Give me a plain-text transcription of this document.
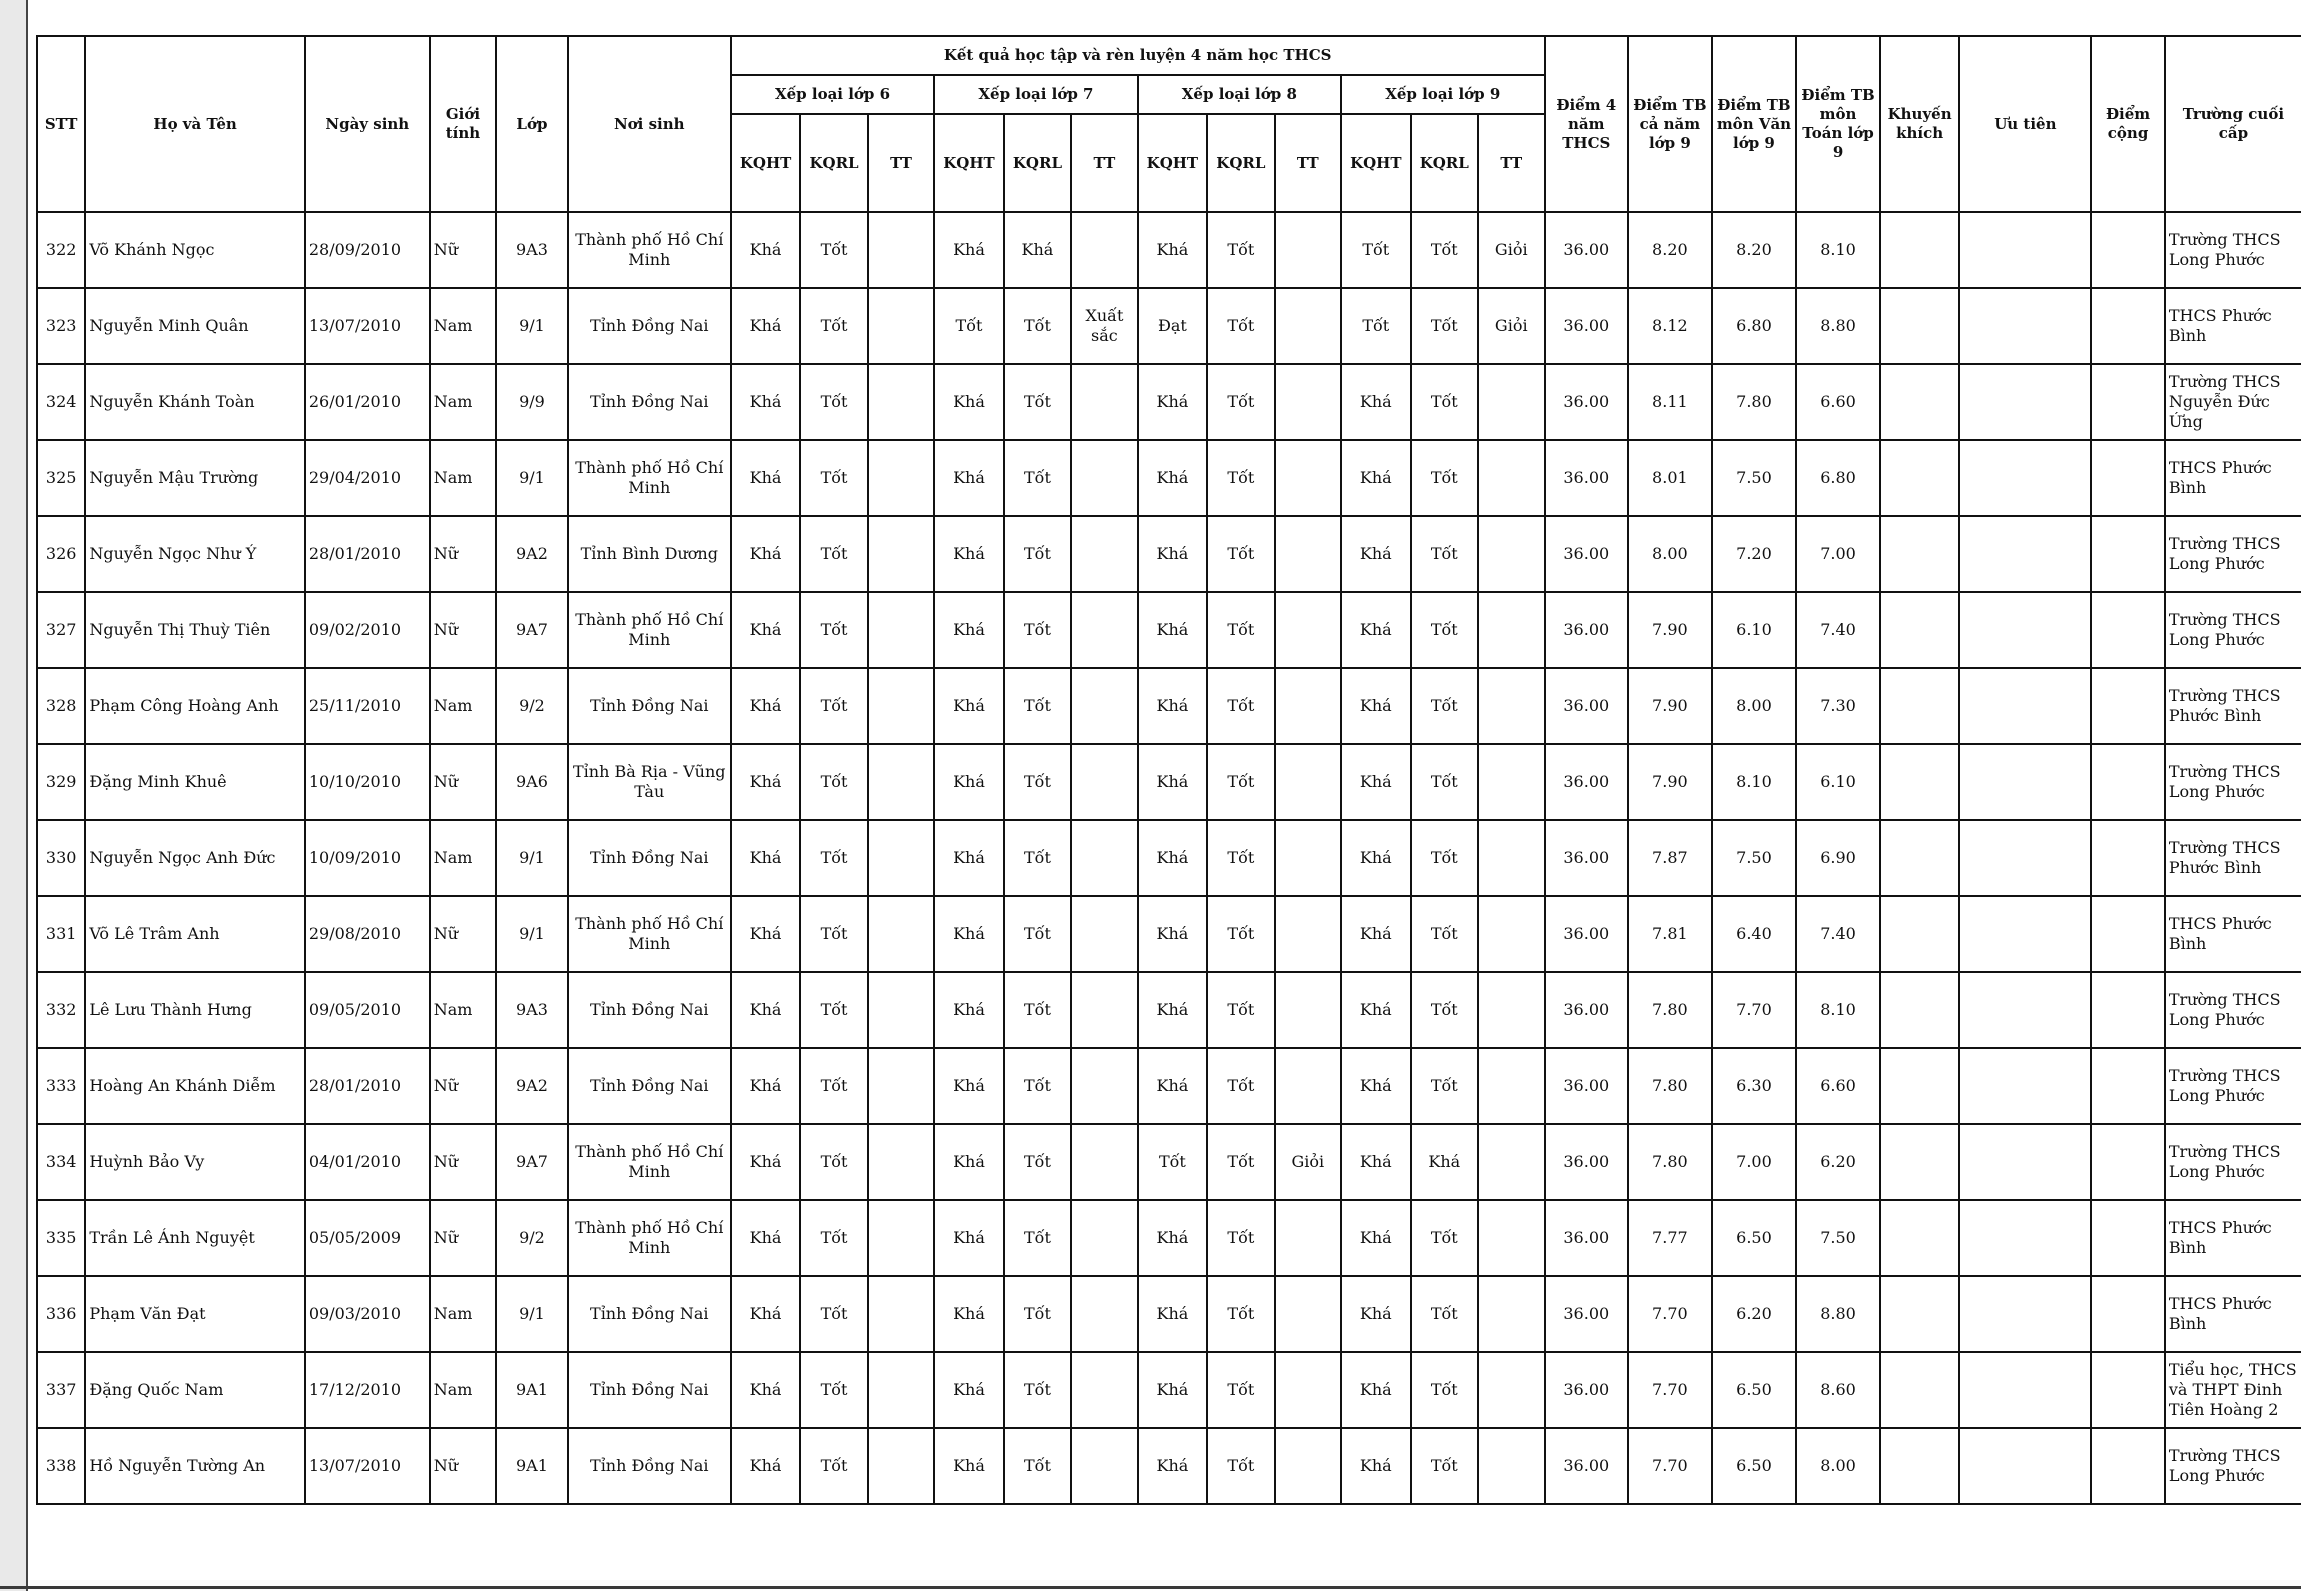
STT	Họ và Tên	Ngày sinh	Giới tính	Lớp	Nơi sinh	Kết quả học tập và rèn luyện 4 năm học THCS												Điểm 4 năm THCS	Điểm TB cả năm lớp 9	Điểm TB môn Văn lớp 9	Điểm TB môn Toán lớp 9	Khuyến khích	Ưu tiên	Điểm cộng	Trường cuối cấp
						Xếp loại lớp 6			Xếp loại lớp 7			Xếp loại lớp 8			Xếp loại lớp 9										
						KQHT	KQRL	TT	KQHT	KQRL	TT	KQHT	KQRL	TT	KQHT	KQRL	TT								
322	Võ Khánh Ngọc	28/09/2010	Nữ	9A3	Thành phố Hồ Chí Minh	Khá	Tốt		Khá	Khá		Khá	Tốt		Tốt	Tốt	Giỏi	36.00	8.20	8.20	8.10				Trường THCS Long Phước
323	Nguyễn Minh Quân	13/07/2010	Nam	9/1	Tỉnh Đồng Nai	Khá	Tốt		Tốt	Tốt	Xuất sắc	Đạt	Tốt		Tốt	Tốt	Giỏi	36.00	8.12	6.80	8.80				THCS Phước Bình
324	Nguyễn Khánh Toàn	26/01/2010	Nam	9/9	Tỉnh Đồng Nai	Khá	Tốt		Khá	Tốt		Khá	Tốt		Khá	Tốt		36.00	8.11	7.80	6.60				Trường THCS Nguyễn Đức Ứng
325	Nguyễn Mậu Trường	29/04/2010	Nam	9/1	Thành phố Hồ Chí Minh	Khá	Tốt		Khá	Tốt		Khá	Tốt		Khá	Tốt		36.00	8.01	7.50	6.80				THCS Phước Bình
326	Nguyễn Ngọc Như Ý	28/01/2010	Nữ	9A2	Tỉnh Bình Dương	Khá	Tốt		Khá	Tốt		Khá	Tốt		Khá	Tốt		36.00	8.00	7.20	7.00				Trường THCS Long Phước
327	Nguyễn Thị Thuỳ Tiên	09/02/2010	Nữ	9A7	Thành phố Hồ Chí Minh	Khá	Tốt		Khá	Tốt		Khá	Tốt		Khá	Tốt		36.00	7.90	6.10	7.40				Trường THCS Long Phước
328	Phạm Công Hoàng Anh	25/11/2010	Nam	9/2	Tỉnh Đồng Nai	Khá	Tốt		Khá	Tốt		Khá	Tốt		Khá	Tốt		36.00	7.90	8.00	7.30				Trường THCS Phước Bình
329	Đặng Minh Khuê	10/10/2010	Nữ	9A6	Tỉnh Bà Rịa - Vũng Tàu	Khá	Tốt		Khá	Tốt		Khá	Tốt		Khá	Tốt		36.00	7.90	8.10	6.10				Trường THCS Long Phước
330	Nguyễn Ngọc Anh Đức	10/09/2010	Nam	9/1	Tỉnh Đồng Nai	Khá	Tốt		Khá	Tốt		Khá	Tốt		Khá	Tốt		36.00	7.87	7.50	6.90				Trường THCS Phước Bình
331	Võ Lê Trâm Anh	29/08/2010	Nữ	9/1	Thành phố Hồ Chí Minh	Khá	Tốt		Khá	Tốt		Khá	Tốt		Khá	Tốt		36.00	7.81	6.40	7.40				THCS Phước Bình
332	Lê Lưu Thành Hưng	09/05/2010	Nam	9A3	Tỉnh Đồng Nai	Khá	Tốt		Khá	Tốt		Khá	Tốt		Khá	Tốt		36.00	7.80	7.70	8.10				Trường THCS Long Phước
333	Hoàng An Khánh Diễm	28/01/2010	Nữ	9A2	Tỉnh Đồng Nai	Khá	Tốt		Khá	Tốt		Khá	Tốt		Khá	Tốt		36.00	7.80	6.30	6.60				Trường THCS Long Phước
334	Huỳnh Bảo Vy	04/01/2010	Nữ	9A7	Thành phố Hồ Chí Minh	Khá	Tốt		Khá	Tốt		Tốt	Tốt	Giỏi	Khá	Khá		36.00	7.80	7.00	6.20				Trường THCS Long Phước
335	Trần Lê Ánh Nguyệt	05/05/2009	Nữ	9/2	Thành phố Hồ Chí Minh	Khá	Tốt		Khá	Tốt		Khá	Tốt		Khá	Tốt		36.00	7.77	6.50	7.50				THCS Phước Bình
336	Phạm Văn Đạt	09/03/2010	Nam	9/1	Tỉnh Đồng Nai	Khá	Tốt		Khá	Tốt		Khá	Tốt		Khá	Tốt		36.00	7.70	6.20	8.80				THCS Phước Bình
337	Đặng Quốc Nam	17/12/2010	Nam	9A1	Tỉnh Đồng Nai	Khá	Tốt		Khá	Tốt		Khá	Tốt		Khá	Tốt		36.00	7.70	6.50	8.60				Tiểu học, THCS và THPT Đinh Tiên Hoàng 2
338	Hồ Nguyễn Tường An	13/07/2010	Nữ	9A1	Tỉnh Đồng Nai	Khá	Tốt		Khá	Tốt		Khá	Tốt		Khá	Tốt		36.00	7.70	6.50	8.00				Trường THCS Long Phước
